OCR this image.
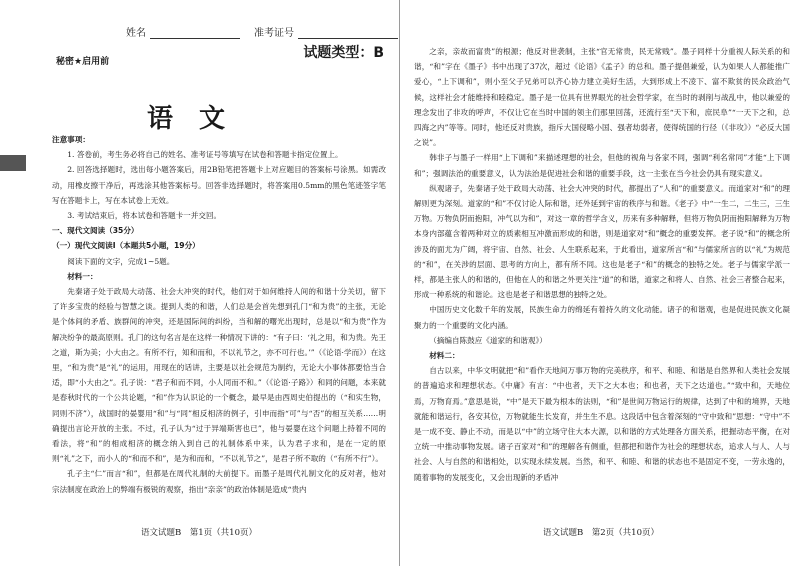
姓名	准考证号
试题类型：B
秘密★启用前
语文

注意事项：

1. 答卷前，考生务必将自己的姓名、准考证号等填写在试卷和答题卡指定位置上。

2. 回答选择题时，选出每小题答案后，用2B铅笔把答题卡上对应题目的答案标号涂黑。如需改动，用橡皮擦干净后，再选涂其他答案标号。回答非选择题时，将答案用0.5mm的黑色笔迹签字笔写在答题卡上，写在本试卷上无效。

3. 考试结束后，将本试卷和答题卡一并交回。

一、现代文阅读（35分）

（一）现代文阅读Ⅰ（本题共5小题，19分）

阅读下面的文字，完成1~5题。

材料一：

先秦诸子处于政局大动荡、社会大冲突的时代，他们对于如何维持人间的和谐十分关切，留下了许多宝贵的经验与智慧之谈。提到人类的和谐，人们总是会首先想到孔门“和为贵”的主张，无论是个体间的矛盾、族群间的冲突，还是国际间的纠纷，当和解的曙光出现时，总是以“和为贵”作为解决纷争的最高原则。孔门的这句名言是在这样一种情况下讲的：“有子曰：‘礼之用，和为贵。先王之道，斯为美；小大由之。有所不行，知和而和，不以礼节之，亦不可行也。’”（《论语·学而》）在这里，“和为贵”是“礼”的运用，用现在的话讲，主要是以社会规范为制约，无论大小事体都要恰当合适，即“小大由之”。孔子说：“君子和而不同，小人同而不和。”（《论语·子路》）和同的问题，本来就是春秋时代的一个公共论题，“和”作为认识论的一个概念，最早是由西周史伯提出的（“和实生物，同则不济”），战国时的晏婴用“和”与“同”相反相济的例子，引申而指“可”与“否”的相互关系……明确提出言论开放的主张。不过，孔子认为“过于异端斯害也已”，他与晏婴在这个问题上持着不同的看法，将“和”的相成相济的概念纳入到自己的礼制体系中来，认为君子求和，是在一定的原则“礼”之下，而小人的“和而不和”，是为和而和，“不以礼节之”，是君子所不取的（“有所不行”）。

孔子主“仁”而言“和”，但都是在周代礼制的大前提下。而墨子是周代礼制文化的反对者，他对宗法制度在政治上的弊端有极锐的观察，指出“亲亲”的政治体制是造成“贵内

语文试题B　第1页（共10页）

之亲，亲故而富贵”的根源；他反对世袭制，主张“官无常贵，民无常贱”。墨子同样十分重视人际关系的和谐，“和”字在《墨子》书中出现了37次，超过《论语》《孟子》的总和。墨子提倡兼爱，认为如果人人都能推广爱心，“上下调和”，则小至父子兄弟可以齐心协力建立美好生活，大到形成上不凌下、富不欺贫的民众政治气候，这样社会才能维持和睦稳定。墨子是一位具有世界眼光的社会哲学家，在当时的剥削与战乱中，他以兼爱的理念发出了非攻的呼声，不仅让它在当时中国的领主们那里回荡，还流行至“天下和，庶民阜”“一天下之和，总四海之内”等等。同时，他还反对贵族，指斥大国侵略小国、强者劫弱者，使得统国的行径（《非攻》）“必反大国之说”。

韩非子与墨子一样用“上下调和”来描述理想的社会，但他的视角与各家不同，强调“利名常同”才能“上下调和”；强调法治的重要意义，认为法治是促进社会和谐的重要手段，这一主张在当今社会仍具有现实意义。

纵观诸子，先秦诸子处于政局大动荡、社会大冲突的时代，都提出了“人和”的重要意义。而道家对“和”的理解则更为深刻。道家的“和”不仅讨论人际和谐，还外延到宇宙的秩序与和谐。《老子》中“一生二，二生三，三生万物。万物负阴而抱阳，冲气以为和”，对这一章的哲学含义，历来有多种解释，但将万物负阴而抱阳解释为万物本身内部蕴含着两种对立的质素相互冲激而形成的和谐，则是道家对“和”概念的重要发挥。老子说“和”的概念所涉及的面尤为广阔，将宇宙、自然、社会、人生联系起来，于此看出，道家所言“和”与儒家所言的以“礼”为规范的“和”，在关涉的层面、思考的方向上，都有所不同。这也是老子“和”的概念的独特之处。老子与儒家学派一样，都是主张人的和谐的，但他在人的和谐之外更关注“道”的和谐，道家之和将人、自然、社会三者整合起来，形成一种系统的和谐论。这也是老子和谐思想的独特之处。

中国历史文化数千年的发展，民族生命力的绵延有着持久的文化动能。诸子的和谐观，也是促进民族文化凝聚力的一个重要的文化内涵。

（摘编自陈鼓应《道家的和谐观》）

材料二：

自古以来，中华文明就把“和”看作天地间万事万物的完美秩序，和平、和睦、和谐是自然界和人类社会发展的普遍追求和理想状态。《中庸》有言：“中也者，天下之大本也；和也者，天下之达道也。”“致中和，天地位焉，万物育焉。”意思是说，“中”是天下最为根本的法则，“和”是世间万物运行的规律，达到了中和的境界，天地就能和谐运行，各安其位，万物就能生长发育，并生生不息。这段话中包含着深刻的“守中致和”思想：“守中”不是一成不变、静止不动，而是以“中”的立场守住大本大源，以和谐的方式处理各方面关系，把握动态平衡，在对立统一中推动事物发展。诸子百家对“和”的理解各有侧重，但都把和谐作为社会的理想状态，追求人与人、人与社会、人与自然的和谐相处，以实现永续发展。当然，和平、和睦、和谐的状态也不是固定不变，一劳永逸的，随着事物的发展变化，又会出现新的矛盾冲

语文试题B　第2页（共10页）
